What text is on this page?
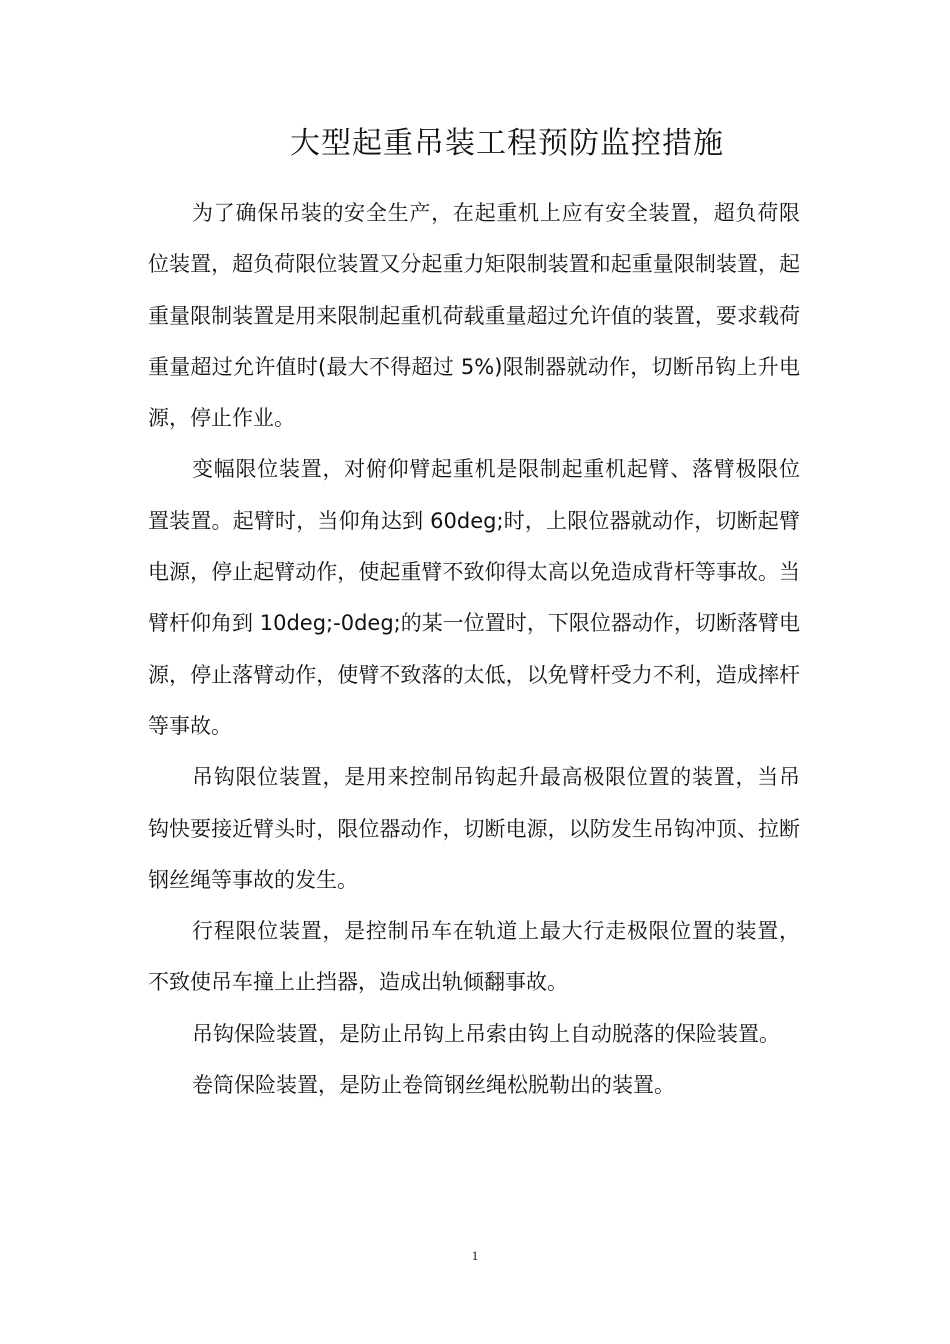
大型起重吊装工程预防监控措施

为了确保吊装的安全生产，在起重机上应有安全装置，超负荷限位装置，超负荷限位装置又分起重力矩限制装置和起重量限制装置，起重量限制装置是用来限制起重机荷载重量超过允许值的装置，要求载荷重量超过允许值时(最大不得超过 5%)限制器就动作，切断吊钩上升电源，停止作业。

变幅限位装置，对俯仰臂起重机是限制起重机起臂、落臂极限位置装置。起臂时，当仰角达到 60deg;时，上限位器就动作，切断起臂电源，停止起臂动作，使起重臂不致仰得太高以免造成背杆等事故。当臂杆仰角到 10deg;-0deg;的某一位置时，下限位器动作，切断落臂电源，停止落臂动作，使臂不致落的太低，以免臂杆受力不利，造成摔杆等事故。

吊钩限位装置，是用来控制吊钩起升最高极限位置的装置，当吊钩快要接近臂头时，限位器动作，切断电源，以防发生吊钩冲顶、拉断钢丝绳等事故的发生。

行程限位装置，是控制吊车在轨道上最大行走极限位置的装置，不致使吊车撞上止挡器，造成出轨倾翻事故。

吊钩保险装置，是防止吊钩上吊索由钩上自动脱落的保险装置。

卷筒保险装置，是防止卷筒钢丝绳松脱勒出的装置。

1
